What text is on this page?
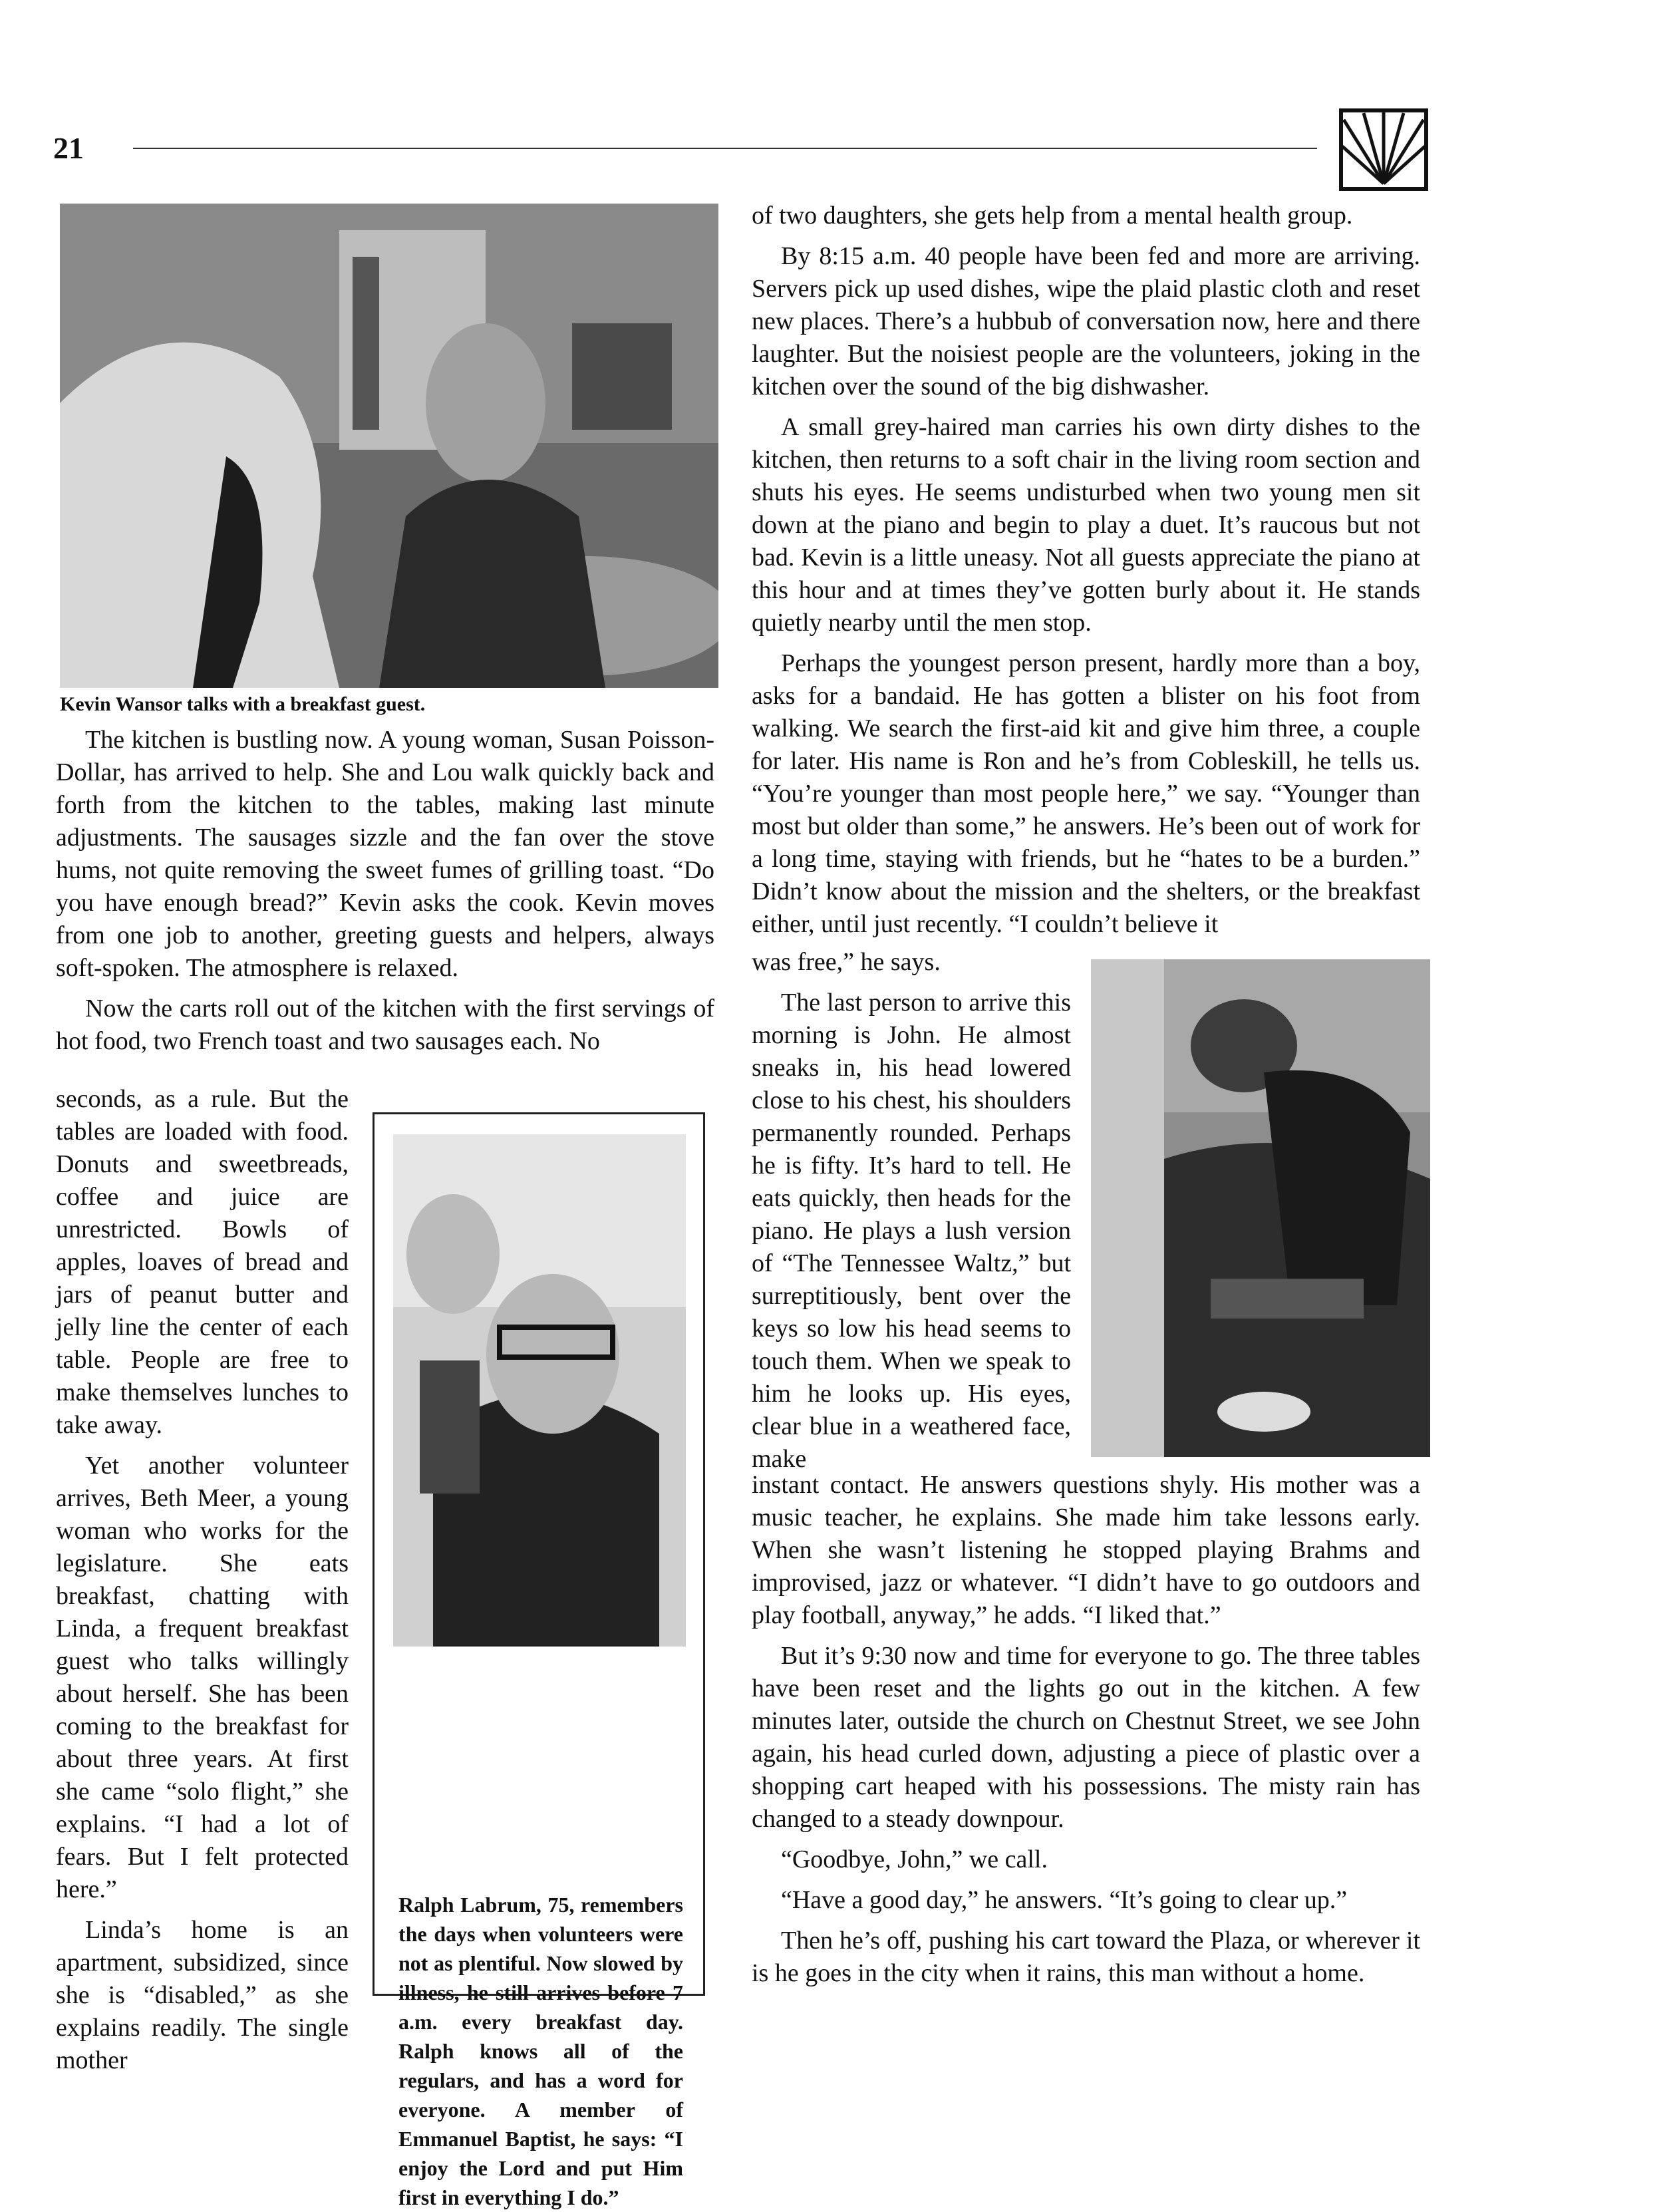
21
Kevin Wansor talks with a breakfast guest.

The kitchen is bustling now. A young woman, Susan Poisson-Dollar, has arrived to help. She and Lou walk quickly back and forth from the kitchen to the tables, making last minute adjustments. The sausages sizzle and the fan over the stove hums, not quite removing the sweet fumes of grilling toast. “Do you have enough bread?” Kevin asks the cook. Kevin moves from one job to another, greeting guests and helpers, always soft-spoken. The atmosphere is relaxed.

Now the carts roll out of the kitchen with the first servings of hot food, two French toast and two sausages each. No

seconds, as a rule. But the tables are loaded with food. Donuts and sweetbreads, coffee and juice are unrestricted. Bowls of apples, loaves of bread and jars of peanut butter and jelly line the center of each table. People are free to make themselves lunches to take away.

Yet another volunteer arrives, Beth Meer, a young woman who works for the legislature. She eats breakfast, chatting with Linda, a frequent breakfast guest who talks willingly about herself. She has been coming to the breakfast for about three years. At first she came “solo flight,” she explains. “I had a lot of fears. But I felt protected here.”

Linda’s home is an apartment, subsidized, since she is “disabled,” as she explains readily. The single mother

Ralph Labrum, 75, remembers the days when volunteers were not as plentiful. Now slowed by illness, he still arrives before 7 a.m. every breakfast day. Ralph knows all of the regulars, and has a word for everyone. A member of Emmanuel Baptist, he says: “I enjoy the Lord and put Him first in everything I do.”

of two daughters, she gets help from a mental health group.

By 8:15 a.m. 40 people have been fed and more are arriving. Servers pick up used dishes, wipe the plaid plastic cloth and reset new places. There’s a hubbub of conversation now, here and there laughter. But the noisiest people are the volunteers, joking in the kitchen over the sound of the big dishwasher.

A small grey-haired man carries his own dirty dishes to the kitchen, then returns to a soft chair in the living room section and shuts his eyes. He seems undisturbed when two young men sit down at the piano and begin to play a duet. It’s raucous but not bad. Kevin is a little uneasy. Not all guests appreciate the piano at this hour and at times they’ve gotten burly about it. He stands quietly nearby until the men stop.

Perhaps the youngest person present, hardly more than a boy, asks for a bandaid. He has gotten a blister on his foot from walking. We search the first-aid kit and give him three, a couple for later. His name is Ron and he’s from Cobleskill, he tells us. “You’re younger than most people here,” we say. “Younger than most but older than some,” he answers. He’s been out of work for a long time, staying with friends, but he “hates to be a burden.” Didn’t know about the mission and the shelters, or the breakfast either, until just recently. “I couldn’t believe it

was free,” he says.

The last person to arrive this morning is John. He almost sneaks in, his head lowered close to his chest, his shoulders permanently rounded. Perhaps he is fifty. It’s hard to tell. He eats quickly, then heads for the piano. He plays a lush version of “The Tennessee Waltz,” but surreptitiously, bent over the keys so low his head seems to touch them. When we speak to him he looks up. His eyes, clear blue in a weathered face, make

instant contact. He answers questions shyly. His mother was a music teacher, he explains. She made him take lessons early. When she wasn’t listening he stopped playing Brahms and improvised, jazz or whatever. “I didn’t have to go outdoors and play football, anyway,” he adds. “I liked that.”

But it’s 9:30 now and time for everyone to go. The three tables have been reset and the lights go out in the kitchen. A few minutes later, outside the church on Chestnut Street, we see John again, his head curled down, adjusting a piece of plastic over a shopping cart heaped with his possessions. The misty rain has changed to a steady downpour.

“Goodbye, John,” we call.

“Have a good day,” he answers. “It’s going to clear up.”

Then he’s off, pushing his cart toward the Plaza, or wherever it is he goes in the city when it rains, this man without a home.
